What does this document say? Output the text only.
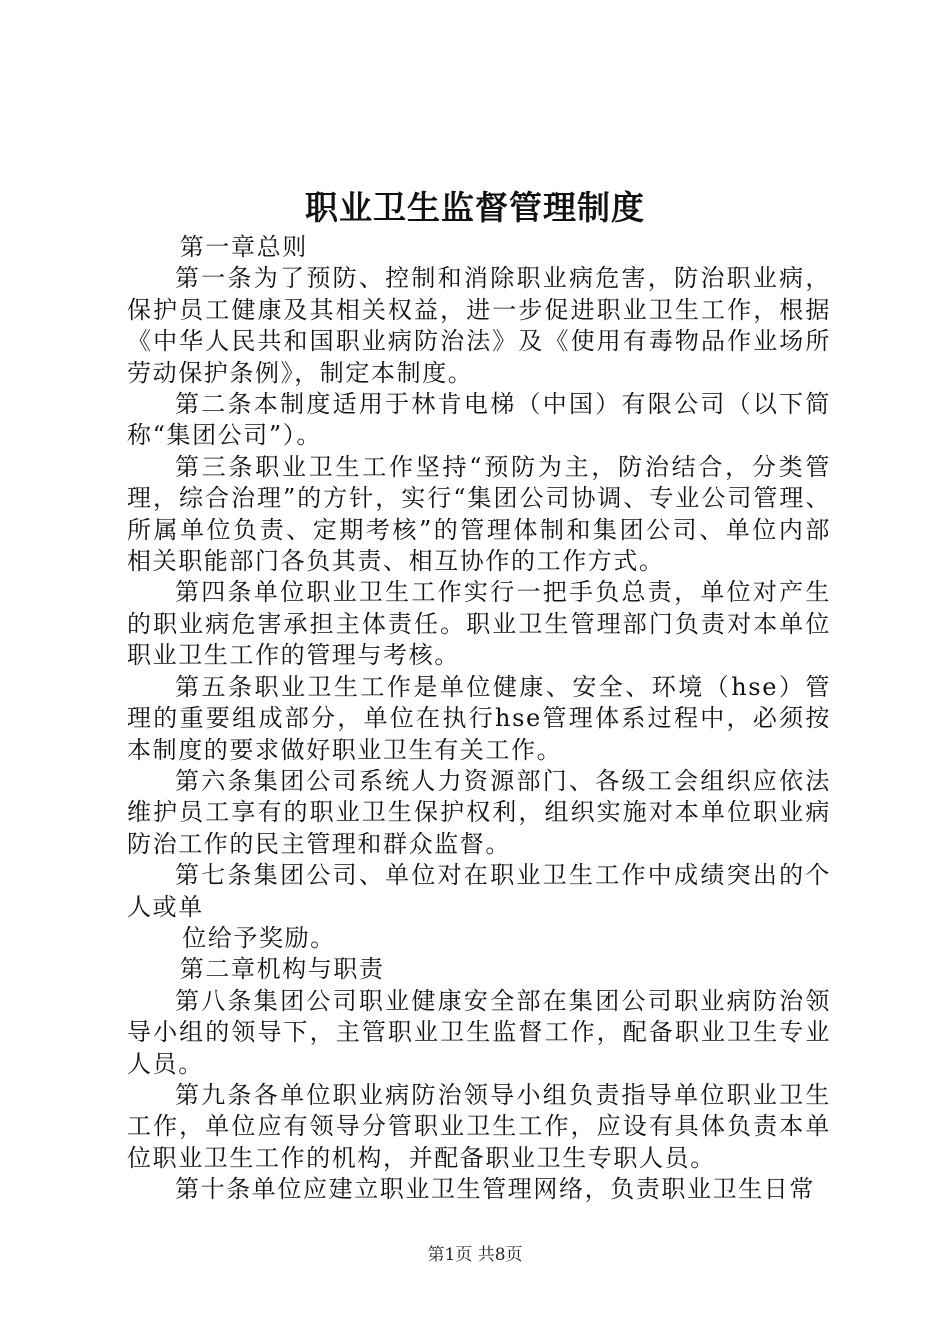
职业卫生监督管理制度

第一章总则

第一条为了预防、控制和消除职业病危害，防治职业病，保护员工健康及其相关权益，进一步促进职业卫生工作，根据《中华人民共和国职业病防治法》及《使用有毒物品作业场所劳动保护条例》，制定本制度。

第二条本制度适用于林肯电梯（中国）有限公司（以下简称“集团公司”）。

第三条职业卫生工作坚持“预防为主，防治结合，分类管理，综合治理”的方针，实行“集团公司协调、专业公司管理、所属单位负责、定期考核”的管理体制和集团公司、单位内部相关职能部门各负其责、相互协作的工作方式。

第四条单位职业卫生工作实行一把手负总责，单位对产生的职业病危害承担主体责任。职业卫生管理部门负责对本单位职业卫生工作的管理与考核。

第五条职业卫生工作是单位健康、安全、环境（hse）管理的重要组成部分，单位在执行hse管理体系过程中，必须按本制度的要求做好职业卫生有关工作。

第六条集团公司系统人力资源部门、各级工会组织应依法维护员工享有的职业卫生保护权利，组织实施对本单位职业病防治工作的民主管理和群众监督。

第七条集团公司、单位对在职业卫生工作中成绩突出的个人或单

位给予奖励。

第二章机构与职责

第八条集团公司职业健康安全部在集团公司职业病防治领导小组的领导下，主管职业卫生监督工作，配备职业卫生专业人员。

第九条各单位职业病防治领导小组负责指导单位职业卫生工作，单位应有领导分管职业卫生工作，应设有具体负责本单位职业卫生工作的机构，并配备职业卫生专职人员。

第十条单位应建立职业卫生管理网络，负责职业卫生日常

第1页 共8页
